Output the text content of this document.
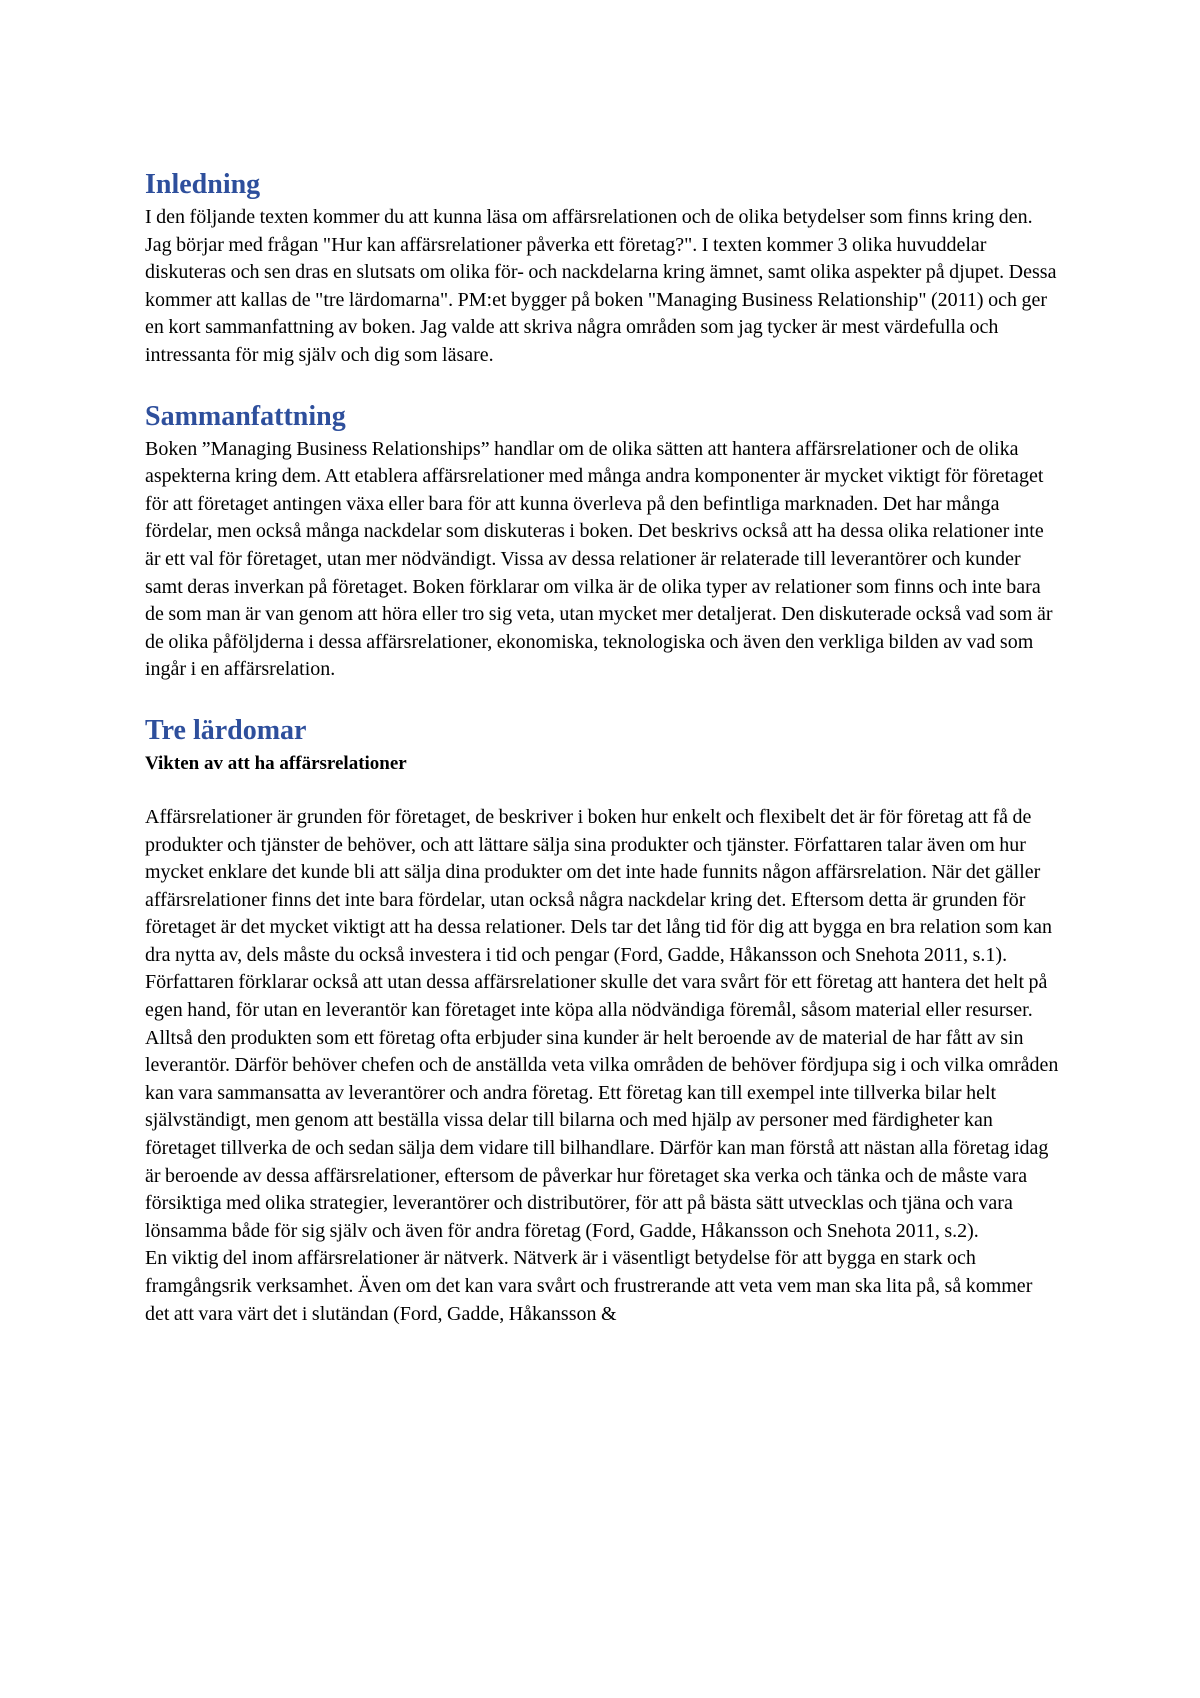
Inledning

I den följande texten kommer du att kunna läsa om affärsrelationen och de olika betydelser som finns kring den. Jag börjar med frågan "Hur kan affärsrelationer påverka ett företag?". I texten kommer 3 olika huvuddelar diskuteras och sen dras en slutsats om olika för- och nackdelarna kring ämnet, samt olika aspekter på djupet. Dessa kommer att kallas de "tre lärdomarna". PM:et bygger på boken "Managing Business Relationship" (2011) och ger en kort sammanfattning av boken. Jag valde att skriva några områden som jag tycker är mest värdefulla och intressanta för mig själv och dig som läsare.

Sammanfattning

Boken ”Managing Business Relationships” handlar om de olika sätten att hantera affärsrelationer och de olika aspekterna kring dem. Att etablera affärsrelationer med många andra komponenter är mycket viktigt för företaget för att företaget antingen växa eller bara för att kunna överleva på den befintliga marknaden. Det har många fördelar, men också många nackdelar som diskuteras i boken. Det beskrivs också att ha dessa olika relationer inte är ett val för företaget, utan mer nödvändigt. Vissa av dessa relationer är relaterade till leverantörer och kunder samt deras inverkan på företaget. Boken förklarar om vilka är de olika typer av relationer som finns och inte bara de som man är van genom att höra eller tro sig veta, utan mycket mer detaljerat. Den diskuterade också vad som är de olika påföljderna i dessa affärsrelationer, ekonomiska, teknologiska och även den verkliga bilden av vad som ingår i en affärsrelation.

Tre lärdomar
Vikten av att ha affärsrelationer

Affärsrelationer är grunden för företaget, de beskriver i boken hur enkelt och flexibelt det är för företag att få de produkter och tjänster de behöver, och att lättare sälja sina produkter och tjänster. Författaren talar även om hur mycket enklare det kunde bli att sälja dina produkter om det inte hade funnits någon affärsrelation. När det gäller affärsrelationer finns det inte bara fördelar, utan också några nackdelar kring det. Eftersom detta är grunden för företaget är det mycket viktigt att ha dessa relationer. Dels tar det lång tid för dig att bygga en bra relation som kan dra nytta av, dels måste du också investera i tid och pengar (Ford, Gadde, Håkansson och Snehota 2011, s.1). Författaren förklarar också att utan dessa affärsrelationer skulle det vara svårt för ett företag att hantera det helt på egen hand, för utan en leverantör kan företaget inte köpa alla nödvändiga föremål, såsom material eller resurser. Alltså den produkten som ett företag ofta erbjuder sina kunder är helt beroende av de material de har fått av sin leverantör. Därför behöver chefen och de anställda veta vilka områden de behöver fördjupa sig i och vilka områden kan vara sammansatta av leverantörer och andra företag. Ett företag kan till exempel inte tillverka bilar helt självständigt, men genom att beställa vissa delar till bilarna och med hjälp av personer med färdigheter kan företaget tillverka de och sedan sälja dem vidare till bilhandlare. Därför kan man förstå att nästan alla företag idag är beroende av dessa affärsrelationer, eftersom de påverkar hur företaget ska verka och tänka och de måste vara försiktiga med olika strategier, leverantörer och distributörer, för att på bästa sätt utvecklas och tjäna och vara lönsamma både för sig själv och även för andra företag (Ford, Gadde, Håkansson och Snehota 2011, s.2).

En viktig del inom affärsrelationer är nätverk. Nätverk är i väsentligt betydelse för att bygga en stark och framgångsrik verksamhet. Även om det kan vara svårt och frustrerande att veta vem man ska lita på, så kommer det att vara värt det i slutändan (Ford, Gadde, Håkansson &
